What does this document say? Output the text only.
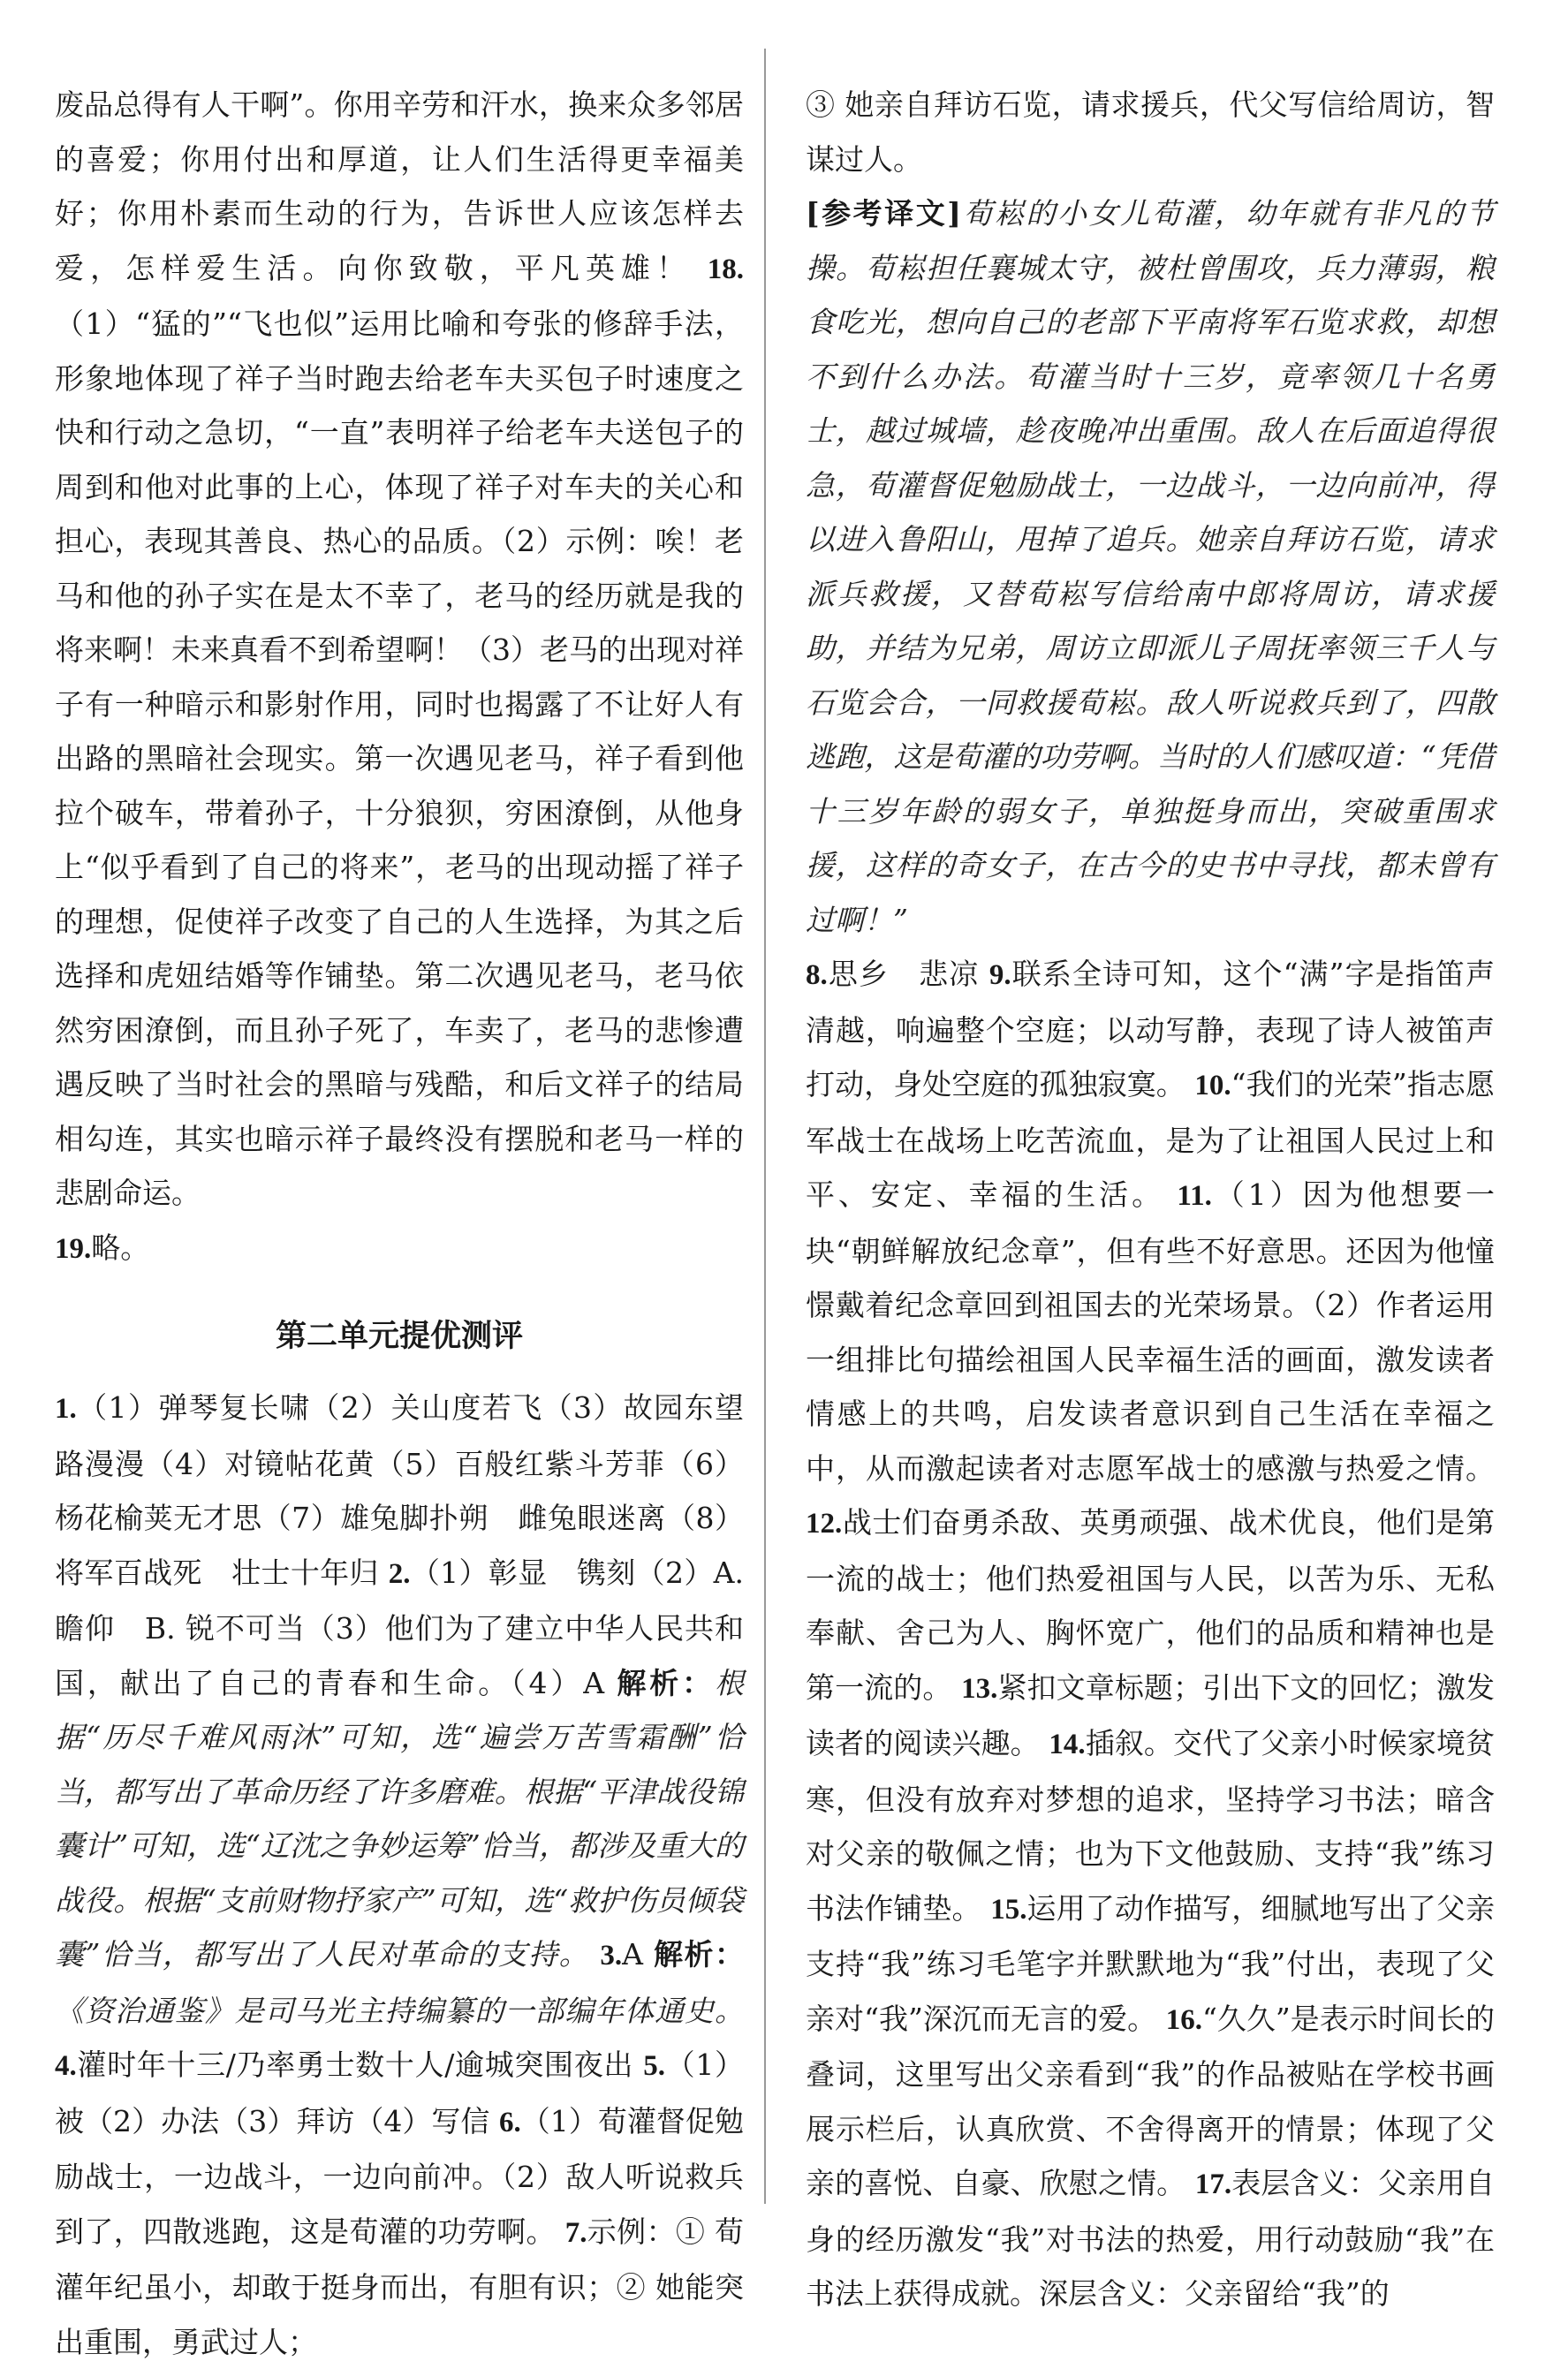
废品总得有人干啊”。你用辛劳和汗水，换来众多邻居的喜爱；你用付出和厚道，让人们生活得更幸福美好；你用朴素而生动的行为，告诉世人应该怎样去爱，怎样爱生活。向你致敬，平凡英雄！ 18.（1）“猛的”“飞也似”运用比喻和夸张的修辞手法，形象地体现了祥子当时跑去给老车夫买包子时速度之快和行动之急切，“一直”表明祥子给老车夫送包子的周到和他对此事的上心，体现了祥子对车夫的关心和担心，表现其善良、热心的品质。（2）示例：唉！老马和他的孙子实在是太不幸了，老马的经历就是我的将来啊！未来真看不到希望啊！（3）老马的出现对祥子有一种暗示和影射作用，同时也揭露了不让好人有出路的黑暗社会现实。第一次遇见老马，祥子看到他拉个破车，带着孙子，十分狼狈，穷困潦倒，从他身上“似乎看到了自己的将来”，老马的出现动摇了祥子的理想，促使祥子改变了自己的人生选择，为其之后选择和虎妞结婚等作铺垫。第二次遇见老马，老马依然穷困潦倒，而且孙子死了，车卖了，老马的悲惨遭遇反映了当时社会的黑暗与残酷，和后文祥子的结局相勾连，其实也暗示祥子最终没有摆脱和老马一样的悲剧命运。

19.略。

第二单元提优测评

1.（1）弹琴复长啸（2）关山度若飞（3）故园东望路漫漫（4）对镜帖花黄（5）百般红紫斗芳菲（6）杨花榆荚无才思（7）雄兔脚扑朔　雌兔眼迷离（8）将军百战死　壮士十年归 2.（1）彰显　镌刻（2）A. 瞻仰　B. 锐不可当（3）他们为了建立中华人民共和国，献出了自己的青春和生命。（4）A 解析：根据“历尽千难风雨沐”可知，选“遍尝万苦雪霜酬”恰当，都写出了革命历经了许多磨难。根据“平津战役锦囊计”可知，选“辽沈之争妙运筹”恰当，都涉及重大的战役。根据“支前财物抒家产”可知，选“救护伤员倾袋囊”恰当，都写出了人民对革命的支持。 3.A 解析：《资治通鉴》是司马光主持编纂的一部编年体通史。 4.灌时年十三/乃率勇士数十人/逾城突围夜出 5.（1）被（2）办法（3）拜访（4）写信 6.（1）荀灌督促勉励战士，一边战斗，一边向前冲。（2）敌人听说救兵到了，四散逃跑，这是荀灌的功劳啊。 7.示例：① 荀灌年纪虽小，却敢于挺身而出，有胆有识；② 她能突出重围，勇武过人；

③ 她亲自拜访石览，请求援兵，代父写信给周访，智谋过人。

[参考译文]荀崧的小女儿荀灌，幼年就有非凡的节操。荀崧担任襄城太守，被杜曾围攻，兵力薄弱，粮食吃光，想向自己的老部下平南将军石览求救，却想不到什么办法。荀灌当时十三岁，竟率领几十名勇士，越过城墙，趁夜晚冲出重围。敌人在后面追得很急，荀灌督促勉励战士，一边战斗，一边向前冲，得以进入鲁阳山，甩掉了追兵。她亲自拜访石览，请求派兵救援，又替荀崧写信给南中郎将周访，请求援助，并结为兄弟，周访立即派儿子周抚率领三千人与石览会合，一同救援荀崧。敌人听说救兵到了，四散逃跑，这是荀灌的功劳啊。当时的人们感叹道：“凭借十三岁年龄的弱女子，单独挺身而出，突破重围求援，这样的奇女子，在古今的史书中寻找，都未曾有过啊！”

8.思乡　悲凉 9.联系全诗可知，这个“满”字是指笛声清越，响遍整个空庭；以动写静，表现了诗人被笛声打动，身处空庭的孤独寂寞。 10.“我们的光荣”指志愿军战士在战场上吃苦流血，是为了让祖国人民过上和平、安定、幸福的生活。 11.（1）因为他想要一块“朝鲜解放纪念章”，但有些不好意思。还因为他憧憬戴着纪念章回到祖国去的光荣场景。（2）作者运用一组排比句描绘祖国人民幸福生活的画面，激发读者情感上的共鸣，启发读者意识到自己生活在幸福之中，从而激起读者对志愿军战士的感激与热爱之情。 12.战士们奋勇杀敌、英勇顽强、战术优良，他们是第一流的战士；他们热爱祖国与人民，以苦为乐、无私奉献、舍己为人、胸怀宽广，他们的品质和精神也是第一流的。 13.紧扣文章标题；引出下文的回忆；激发读者的阅读兴趣。 14.插叙。交代了父亲小时候家境贫寒，但没有放弃对梦想的追求，坚持学习书法；暗含对父亲的敬佩之情；也为下文他鼓励、支持“我”练习书法作铺垫。 15.运用了动作描写，细腻地写出了父亲支持“我”练习毛笔字并默默地为“我”付出，表现了父亲对“我”深沉而无言的爱。 16.“久久”是表示时间长的叠词，这里写出父亲看到“我”的作品被贴在学校书画展示栏后，认真欣赏、不舍得离开的情景；体现了父亲的喜悦、自豪、欣慰之情。 17.表层含义：父亲用自身的经历激发“我”对书法的热爱，用行动鼓励“我”在书法上获得成就。深层含义：父亲留给“我”的
